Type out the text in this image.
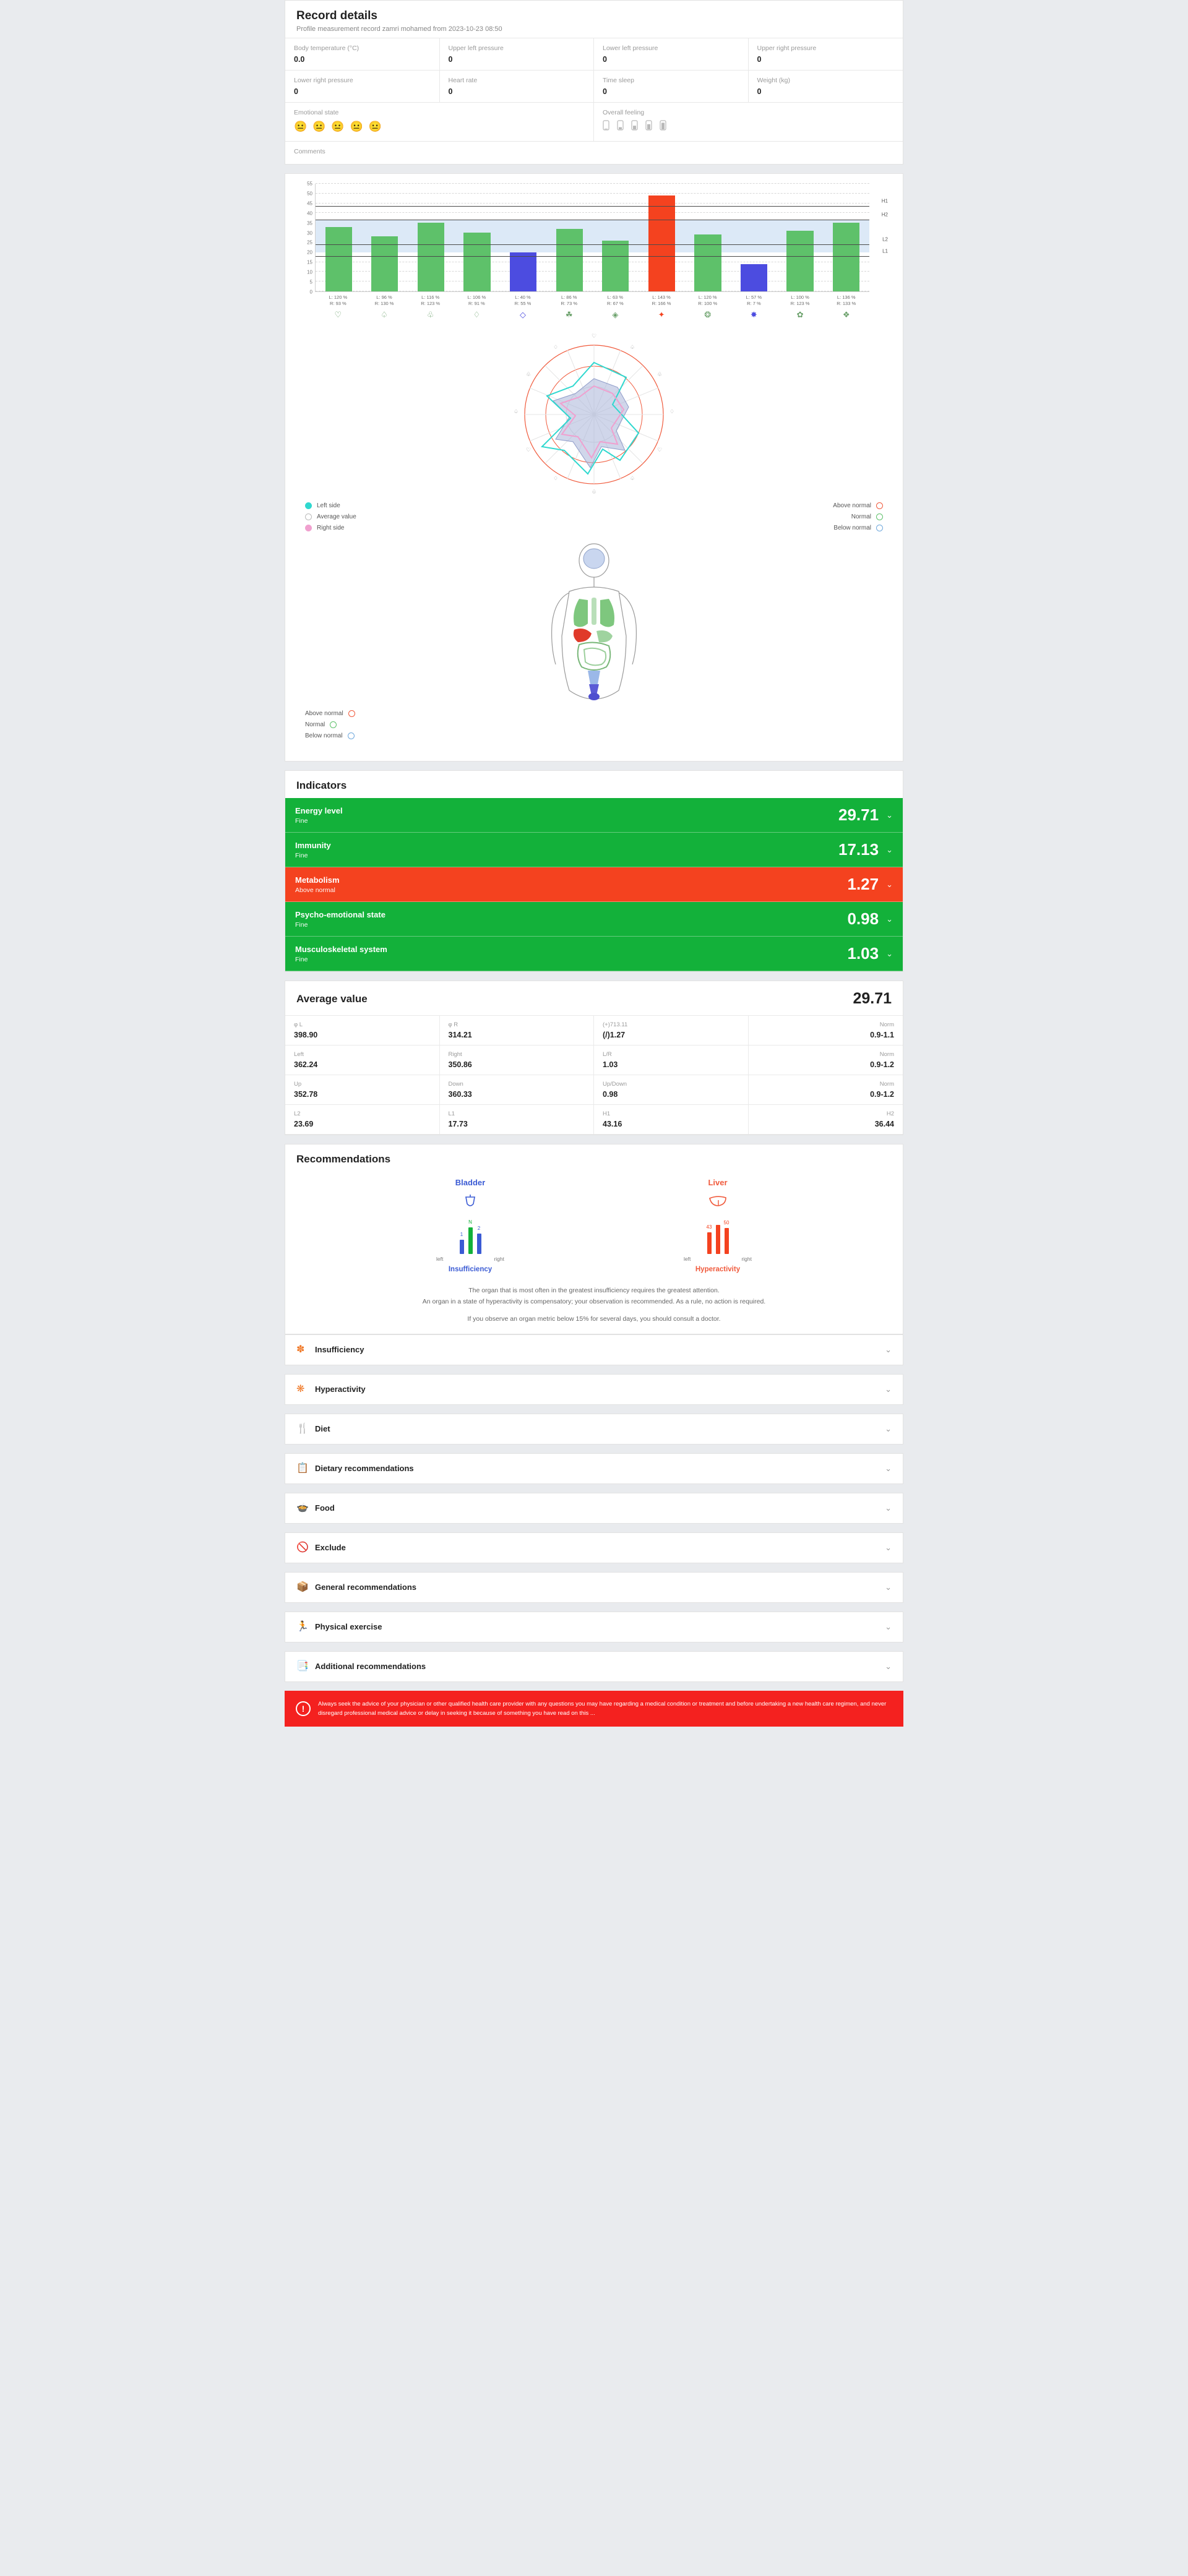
Record details
Profile measurement record zamri mohamed from 2023-10-23 08:50
Body temperature (°C)
0.0
Upper left pressure
0
Lower left pressure
0
Upper right pressure
0
Lower right pressure
0
Heart rate
0
Time sleep
0
Weight (kg)
0
Emotional state
😐 😐 😐 😐 😐
Overall feeling
Comments
0
5
10
15
20
25
30
35
40
45
50
55
H2
H1
L1
L2
L: 120 %
R: 93 %
L: 96 %
R: 130 %
L: 116 %
R: 123 %
L: 106 %
R: 91 %
L: 40 %
R: 55 %
L: 86 %
R: 73 %
L: 63 %
R: 67 %
L: 143 %
R: 166 %
L: 120 %
R: 100 %
L: 57 %
R: 7 %
L: 100 %
R: 123 %
L: 136 %
R: 133 %
♡	♤	♧	♢	◇	☘	◈	✦	❂	✸	✿	❖
♡
♤
♧
♢
♡
♤
♧
♢
♡
♤
♧
♢
Left side
Average value
Right side
Above normal
Normal
Below normal
Above normal
Normal
Below normal
Indicators
Energy level
Fine	29.71 ⌄
Immunity
Fine	17.13 ⌄
Metabolism
Above normal	1.27 ⌄
Psycho-emotional state
Fine	0.98 ⌄
Musculoskeletal system
Fine	1.03 ⌄
Average value	29.71
φ L
398.90
φ R
314.21
(+)713.11
(/)1.27
Norm
0.9-1.1
Left
362.24
Right
350.86
L/R
1.03
Norm
0.9-1.2
Up
352.78
Down
360.33
Up/Down
0.98
Norm
0.9-1.2
L2
23.69
L1
17.73
H1
43.16
H2
36.44
Recommendations
Bladder
1
N
2
left	right
Insufficiency
Liver
43
50
left	right
Hyperactivity
The organ that is most often in the greatest insufficiency requires the greatest attention.
An organ in a state of hyperactivity is compensatory; your observation is recommended. As a rule, no action is required.
If you observe an organ metric below 15% for several days, you should consult a doctor.
✽	Insufficiency	⌄
❋	Hyperactivity	⌄
🍴 Diet	⌄
📋 Dietary recommendations	⌄
🍲 Food	⌄
🚫 Exclude	⌄
📦 General recommendations	⌄
🏃 Physical exercise	⌄
📑 Additional recommendations	⌄
!	Always seek the advice of your physician or other qualified health care provider with any questions you may have regarding a medical condition or treatment and before undertaking a new health care regimen, and never disregard professional medical advice or delay in seeking it because of something you have read on this ...
